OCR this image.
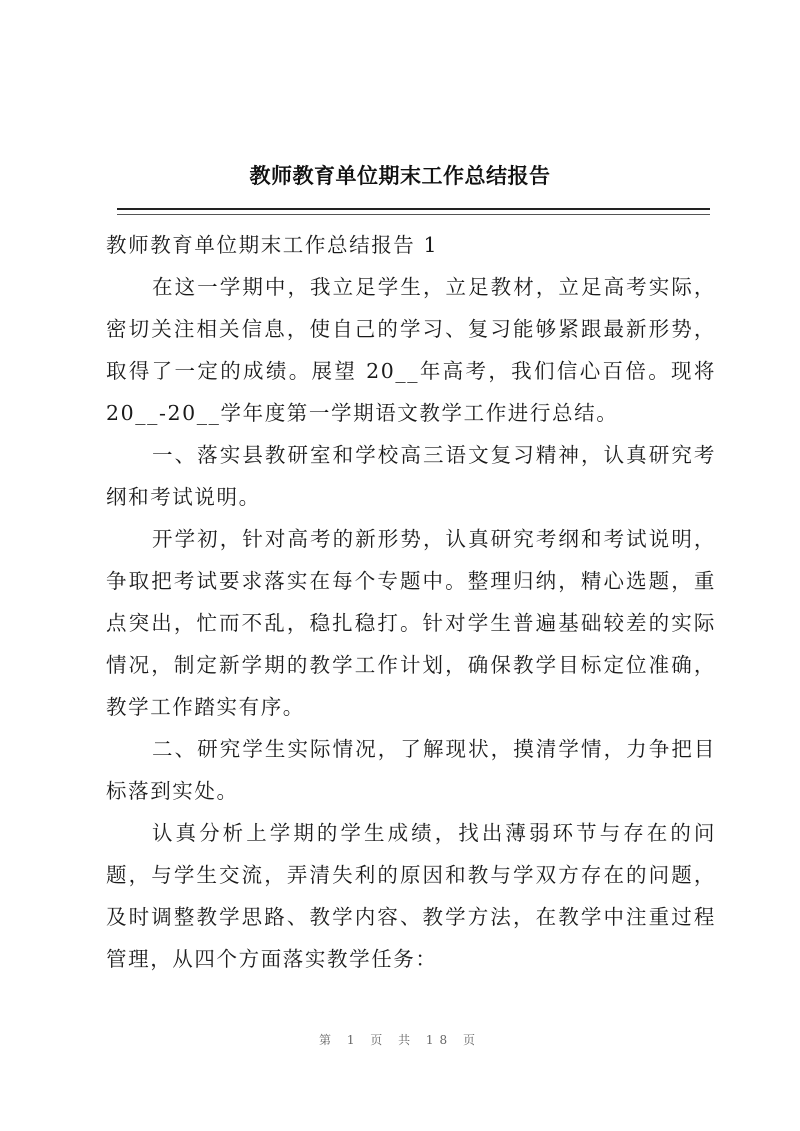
教师教育单位期末工作总结报告

教师教育单位期末工作总结报告 1

在这一学期中，我立足学生，立足教材，立足高考实际，密切关注相关信息，使自己的学习、复习能够紧跟最新形势，取得了一定的成绩。展望 20__年高考，我们信心百倍。现将 20__-20__学年度第一学期语文教学工作进行总结。

一、落实县教研室和学校高三语文复习精神，认真研究考纲和考试说明。

开学初，针对高考的新形势，认真研究考纲和考试说明，争取把考试要求落实在每个专题中。整理归纳，精心选题，重点突出，忙而不乱，稳扎稳打。针对学生普遍基础较差的实际情况，制定新学期的教学工作计划，确保教学目标定位准确，教学工作踏实有序。

二、研究学生实际情况，了解现状，摸清学情，力争把目标落到实处。

认真分析上学期的学生成绩，找出薄弱环节与存在的问题，与学生交流，弄清失利的原因和教与学双方存在的问题，及时调整教学思路、教学内容、教学方法，在教学中注重过程管理，从四个方面落实教学任务：

第 1 页 共 18 页
